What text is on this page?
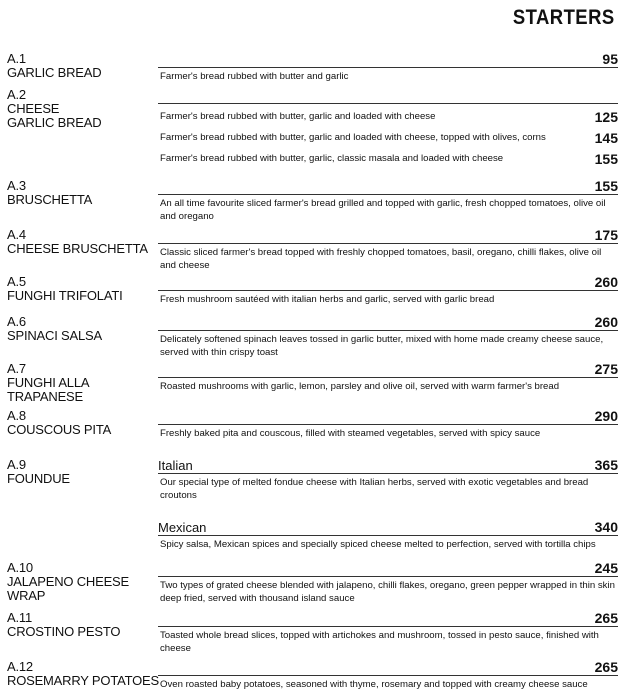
STARTERS
A.1
GARLIC BREAD
95
Farmer's bread rubbed with butter and garlic
A.2
CHEESE
GARLIC BREAD	Farmer's bread rubbed with butter, garlic and loaded with cheese	125
Farmer's bread rubbed with butter, garlic and loaded with cheese, topped with olives, corns	145
Farmer's bread rubbed with butter, garlic, classic masala and loaded with cheese	155
A.3
BRUSCHETTA
155
An all time favourite sliced farmer's bread grilled and topped with garlic, fresh chopped tomatoes, olive oil and oregano
A.4
CHEESE BRUSCHETTA
175
Classic sliced farmer's bread topped with freshly chopped tomatoes, basil, oregano, chilli flakes, olive oil and cheese
A.5
FUNGHI TRIFOLATI
260
Fresh mushroom sautéed with italian herbs and garlic, served with garlic bread
A.6
SPINACI SALSA
260
Delicately softened spinach leaves tossed in garlic butter, mixed with home made creamy cheese sauce, served with thin crispy toast
A.7
FUNGHI ALLA
TRAPANESE
275
Roasted mushrooms with garlic, lemon, parsley and olive oil, served with warm farmer's bread
A.8
COUSCOUS PITA
290
Freshly baked pita and couscous, filled with steamed vegetables, served with spicy sauce
A.9
FOUNDUE
Italian	365
Our special type of melted fondue cheese with Italian herbs, served with exotic vegetables and bread croutons
Mexican	340
Spicy salsa, Mexican spices and specially spiced cheese melted to perfection, served with tortilla chips
A.10
JALAPENO CHEESE
WRAP
245
Two types of grated cheese blended with jalapeno, chilli flakes, oregano, green pepper wrapped in thin skin deep fried, served with thousand island sauce
A.11
CROSTINO PESTO
265
Toasted whole bread slices, topped with artichokes and mushroom, tossed in pesto sauce, finished with cheese
A.12
ROSEMARRY POTATOES
265
Oven roasted baby potatoes, seasoned with thyme, rosemary and topped with creamy cheese sauce
